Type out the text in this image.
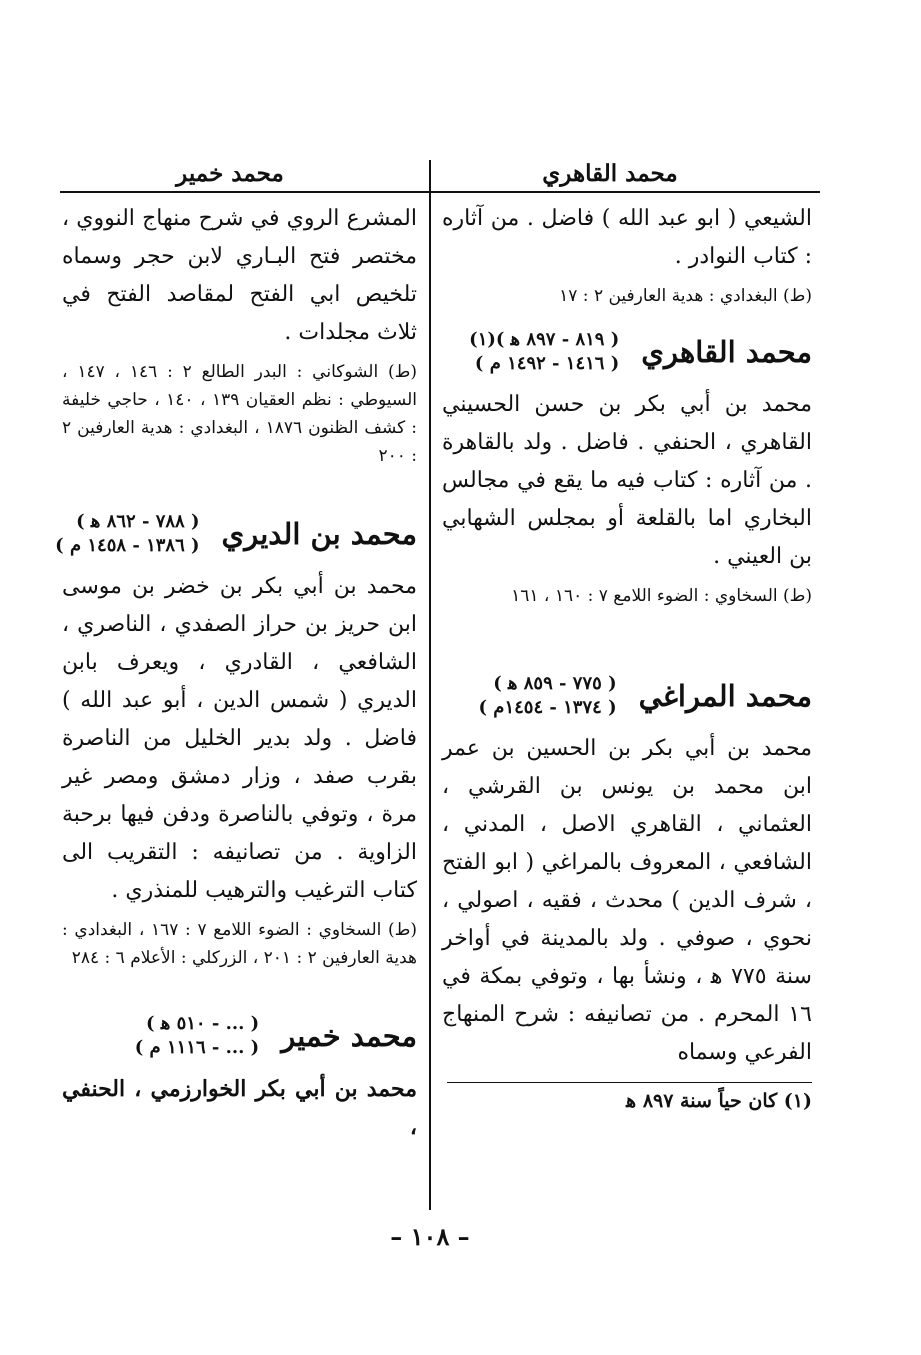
محمد القاهري
محمد خمير

الشيعي ( ابو عبد الله ) فاضل . من آثاره : كتاب النوادر .

(ط) البغدادي : هدية العارفين ٢ : ١٧

محمد القاهري
( ٨١٩ - ٨٩٧ ﻫ )(١)
( ١٤١٦ - ١٤٩٢ م )

محمد بن أبي بكر بن حسن الحسيني القاهري ، الحنفي . فاضل . ولد بالقاهرة . من آثاره : كتاب فيه ما يقع في مجالس البخاري اما بالقلعة أو بمجلس الشهابي بن العيني .

(ط) السخاوي : الضوء اللامع ٧ : ١٦٠ ، ١٦١

محمد المراغي
( ٧٧٥ - ٨٥٩ ﻫ )
( ١٣٧٤ - ١٤٥٤م )

محمد بن أبي بكر بن الحسين بن عمر ابن محمد بن يونس بن القرشي ، العثماني ، القاهري الاصل ، المدني ، الشافعي ، المعروف بالمراغي ( ابو الفتح ، شرف الدين ) محدث ، فقيه ، اصولي ، نحوي ، صوفي . ولد بالمدينة في أواخر سنة ٧٧٥ ﻫ ، ونشأ بها ، وتوفي بمكة في ١٦ المحرم . من تصانيفه : شرح المنهاج الفرعي وسماه

(١) كان حياً سنة ٨٩٧ ﻫ

المشرع الروي في شرح منهاج النووي ، مختصر فتح البـاري لابن حجر وسماه تلخيص ابي الفتح لمقاصد الفتح في ثلاث مجلدات .

(ط) الشوكاني : البدر الطالع ٢ : ١٤٦ ، ١٤٧ ، السيوطي : نظم العقيان ١٣٩ ، ١٤٠ ، حاجي خليفة : كشف الظنون ١٨٧٦ ، البغدادي : هدية العارفين ٢ : ٢٠٠

محمد بن الديري
( ٧٨٨ - ٨٦٢ ﻫ )
( ١٣٨٦ - ١٤٥٨ م )

محمد بن أبي بكر بن خضر بن موسى ابن حريز بن حراز الصفدي ، الناصري ، الشافعي ، القادري ، ويعرف بابن الديري ( شمس الدين ، أبو عبد الله ) فاضل . ولد بدير الخليل من الناصرة بقرب صفد ، وزار دمشق ومصر غير مرة ، وتوفي بالناصرة ودفن فيها برحبة الزاوية . من تصانيفه : التقريب الى كتاب الترغيب والترهيب للمنذري .

(ط) السخاوي : الضوء اللامع ٧ : ١٦٧ ، البغدادي : هدية العارفين ٢ : ٢٠١ ، الزركلي : الأعلام ٦ : ٢٨٤

محمد خمير
( ... - ٥١٠ ﻫ )
( ... - ١١١٦ م )

محمد بن أبي بكر الخوارزمي ، الحنفي ،

– ١٠٨ –
